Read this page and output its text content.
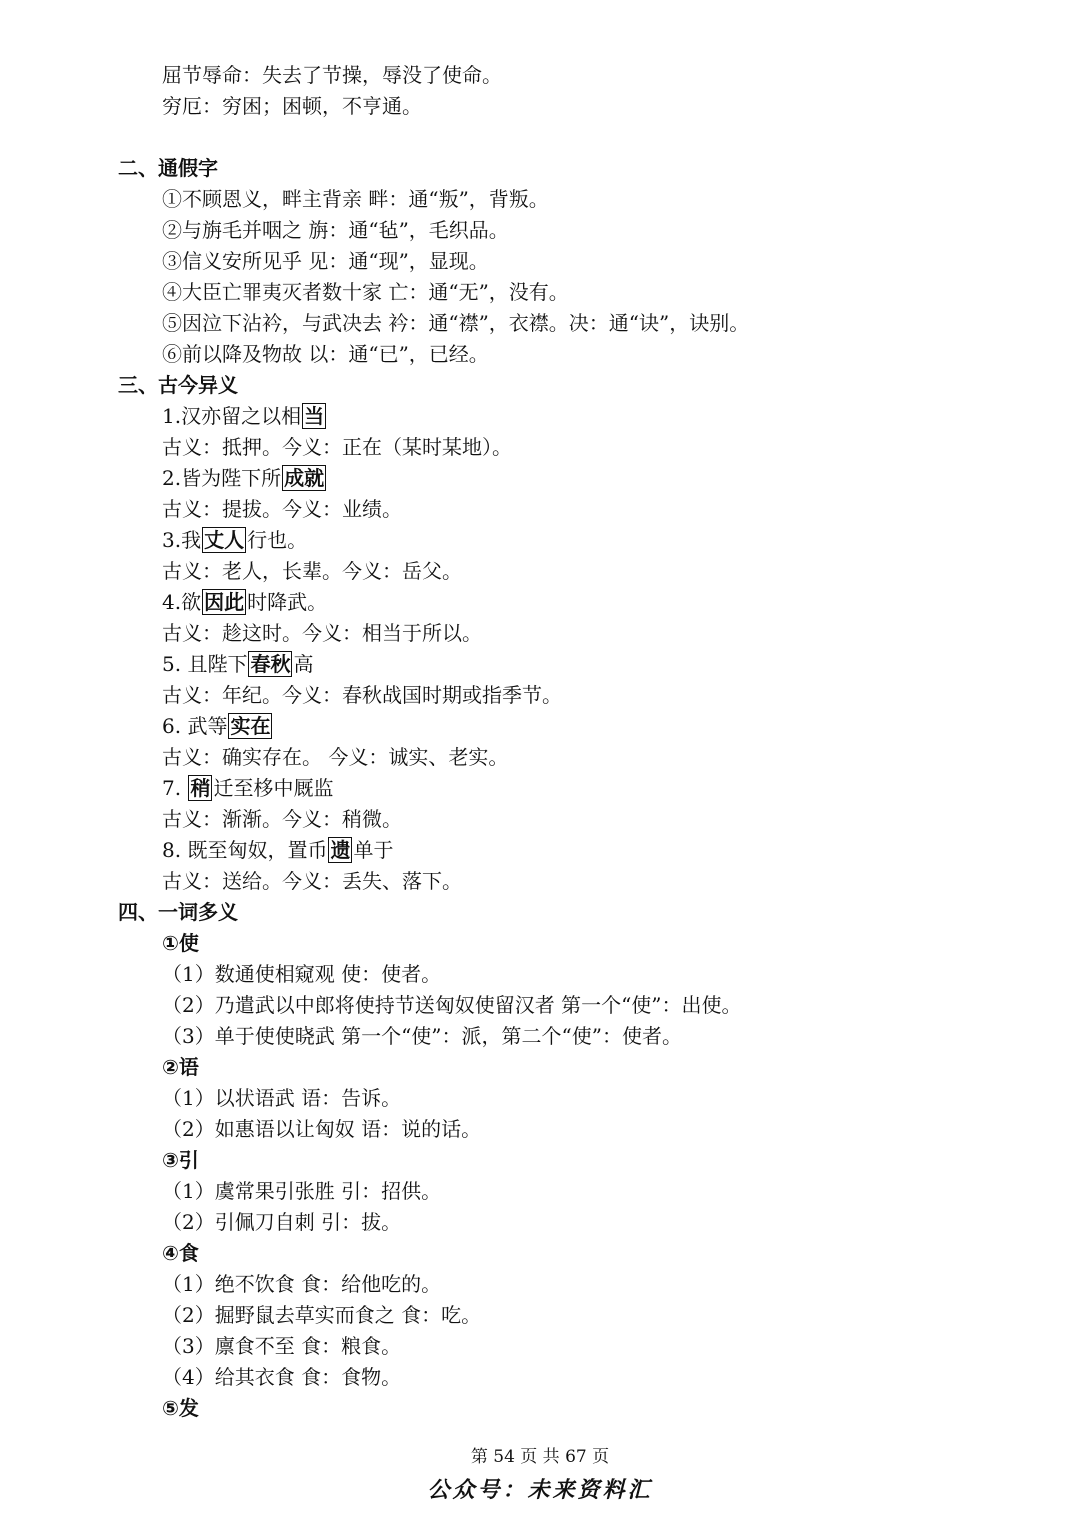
屈节辱命：失去了节操，辱没了使命。
穷厄：穷困；困顿，不亨通。
二、通假字
①不顾恩义，畔主背亲 畔：通“叛”，背叛。
②与旃毛并咽之 旃：通“毡”，毛织品。
③信义安所见乎 见：通“现”，显现。
④大臣亡罪夷灭者数十家 亡：通“无”，没有。
⑤因泣下沾衿，与武决去 衿：通“襟”，衣襟。决：通“诀”，诀别。
⑥前以降及物故 以：通“已”，已经。
三、古今异义
1.汉亦留之以相 当
古义：抵押。今义：正在（某时某地）。
2.皆为陛下所 成就
古义：提拔。今义：业绩。
3.我 丈人 行也。
古义：老人，长辈。今义：岳父。
4.欲 因此 时降武。
古义：趁这时。今义：相当于所以。
5. 且陛下 春秋 高
古义：年纪。今义：春秋战国时期或指季节。
6. 武等 实在
古义：确实存在。 今义：诚实、老实。
7. 稍 迁至栘中厩监
古义：渐渐。今义：稍微。
8. 既至匈奴，置币 遗 单于
古义：送给。今义：丢失、落下。
四、一词多义
①使
（1）数通使相窥观 使：使者。
（2）乃遣武以中郎将使持节送匈奴使留汉者 第一个“使”：出使。
（3）单于使使晓武 第一个“使”：派，第二个“使”：使者。
②语
（1）以状语武 语：告诉。
（2）如惠语以让匈奴 语：说的话。
③引
（1）虞常果引张胜 引：招供。
（2）引佩刀自刺 引：拔。
④食
（1）绝不饮食 食：给他吃的。
（2）掘野鼠去草实而食之 食：吃。
（3）廪食不至 食：粮食。
（4）给其衣食 食：食物。
⑤发
第 54 页 共 67 页
公众号：未来资料汇
